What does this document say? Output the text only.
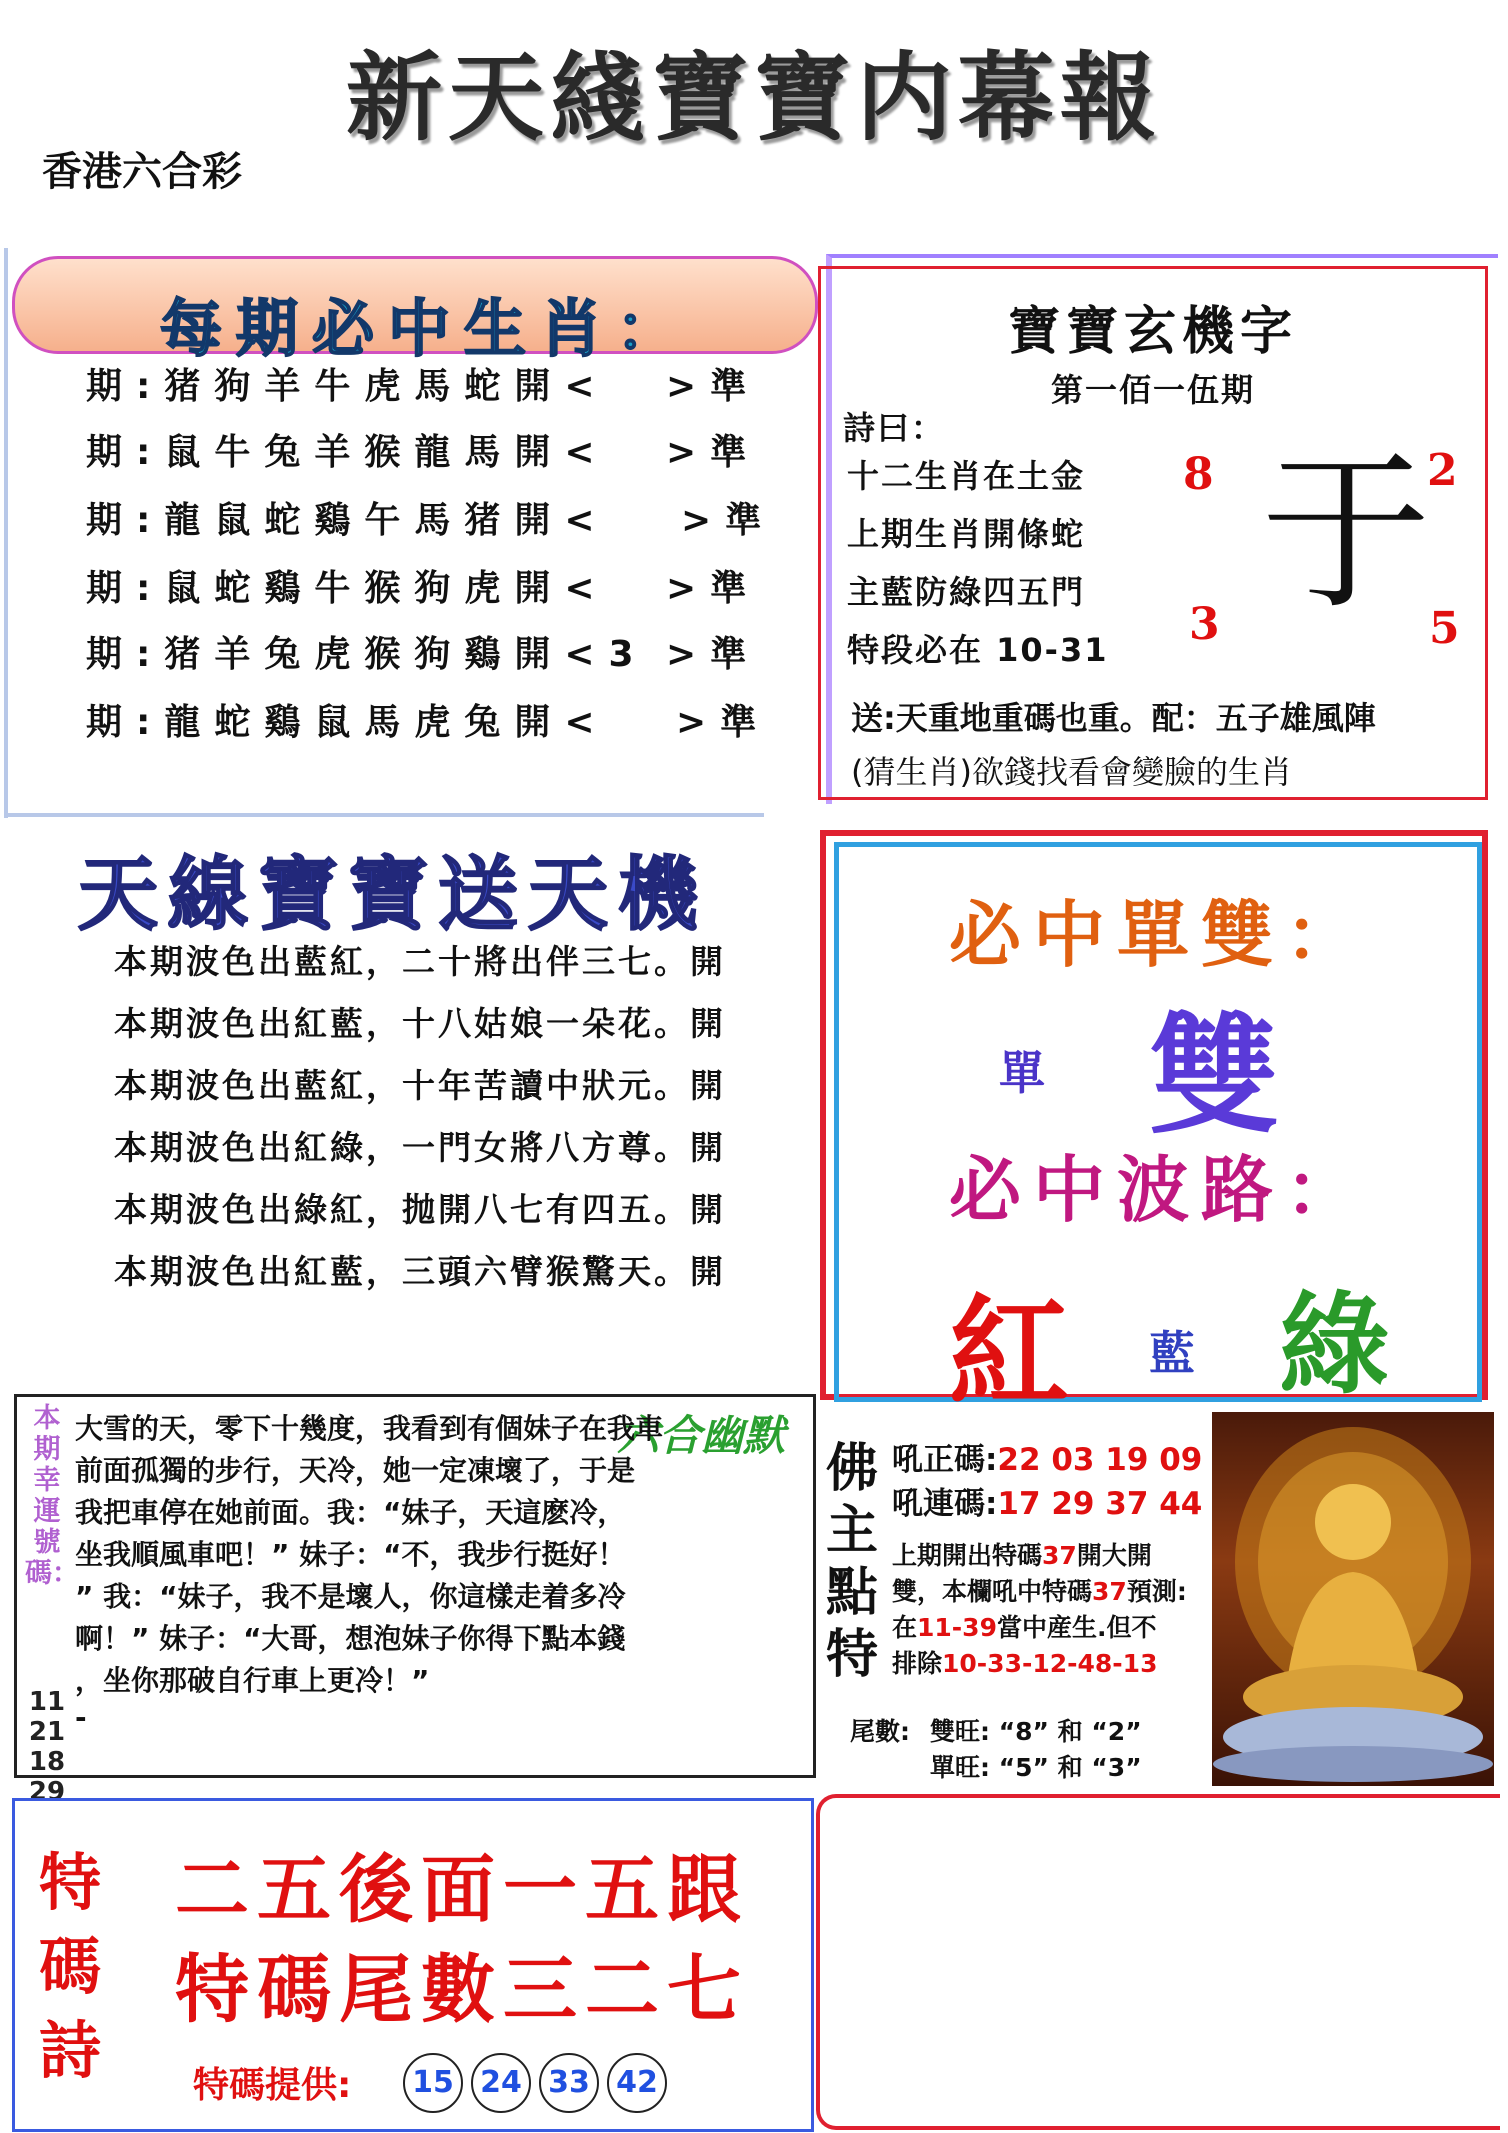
新天綫寶寶内幕報
香港六合彩
每期必中生肖：
期:猪狗羊牛虎馬蛇開< >準
期:鼠牛兔羊猴龍馬開< >準
期:龍鼠蛇鷄午馬猪開< >準
期:鼠蛇鷄牛猴狗虎開< >準
期:猪羊兔虎猴狗鷄開<3 >準
期:龍蛇鷄鼠馬虎兔開< >準
寶寶玄機字
第一佰一伍期
詩曰：
十二生肖在土金
上期生肖開條蛇
主藍防綠四五門
特段必在 10-31
8	2
3	5
于
送:天重地重碼也重。配：五子雄風陣
(猜生肖)欲錢找看會變臉的生肖
天線寶寶送天機
本期波色出藍紅，二十將出伴三七。開
本期波色出紅藍，十八姑娘一朵花。開
本期波色出藍紅，十年苦讀中狀元。開
本期波色出紅綠，一門女將八方尊。開
本期波色出綠紅，抛開八七有四五。開
本期波色出紅藍，三頭六臂猴驚天。開
必中單雙：
單 雙
必中波路：
紅 藍 綠
本期幸運號碼：
11 21 18 29
六合幽默
大雪的天，零下十幾度，我看到有個妹子在我車
前面孤獨的步行，天冷，她一定凍壞了，于是
我把車停在她前面。我：“妹子，天這麽冷，
坐我順風車吧！” 妹子：“不，我步行挺好！
” 我：“妹子，我不是壞人，你這樣走着多冷
啊！” 妹子：“大哥，想泡妹子你得下點本錢
，坐你那破自行車上更冷！”
-
佛主點特
吼正碼:22 03 19 09
吼連碼:17 29 37 44
上期開出特碼37開大開
雙，本欄吼中特碼37預測:
在11-39當中産生.但不
排除10-33-12-48-13
尾數: 雙旺: “8” 和 “2”
單旺: “5” 和 “3”
特碼詩
二五後面一五跟
特碼尾數三二七
特碼提供:	15 24 33 42
